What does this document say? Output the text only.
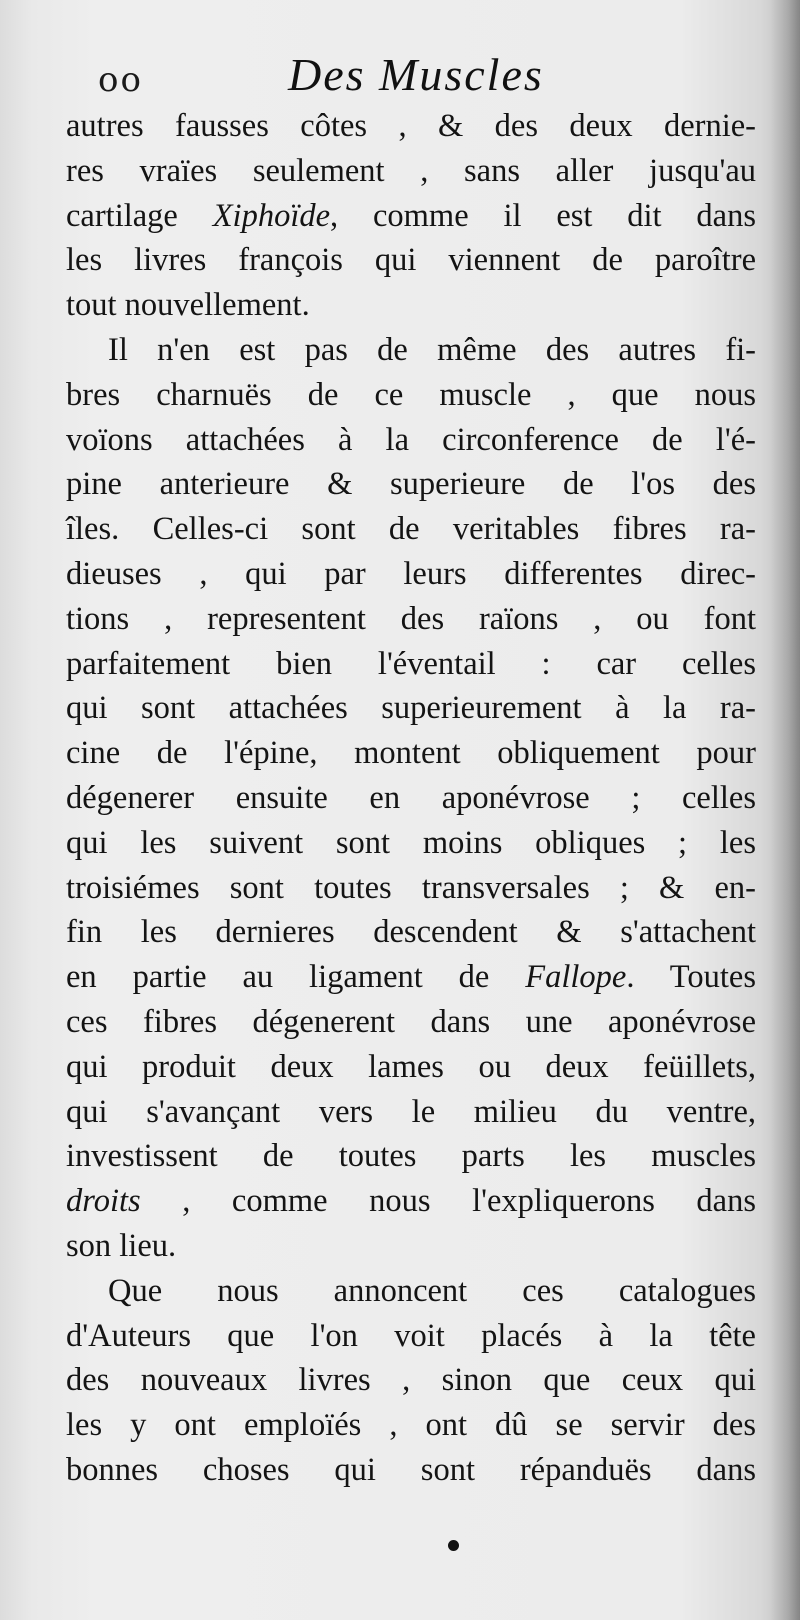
oo	Des Muscles
autres fausses côtes , & des deux dernie-
res vraïes seulement , sans aller jusqu'au
cartilage Xiphoïde, comme il est dit dans
les livres françois qui viennent de paroître
tout nouvellement.
Il n'en est pas de même des autres fi-
bres charnuës de ce muscle , que nous
voïons attachées à la circonference de l'é-
pine anterieure & superieure de l'os des
îles. Celles-ci sont de veritables fibres ra-
dieuses , qui par leurs differentes direc-
tions , representent des raïons , ou font
parfaitement bien l'éventail : car celles
qui sont attachées superieurement à la ra-
cine de l'épine, montent obliquement pour
dégenerer ensuite en aponévrose ; celles
qui les suivent sont moins obliques ; les
troisiémes sont toutes transversales ; & en-
fin les dernieres descendent & s'attachent
en partie au ligament de Fallope. Toutes
ces fibres dégenerent dans une aponévrose
qui produit deux lames ou deux feüillets,
qui s'avançant vers le milieu du ventre,
investissent de toutes parts les muscles
droits , comme nous l'expliquerons dans
son lieu.
Que nous annoncent ces catalogues
d'Auteurs que l'on voit placés à la tête
des nouveaux livres , sinon que ceux qui
les y ont emploïés , ont dû se servir des
bonnes choses qui sont répanduës dans
